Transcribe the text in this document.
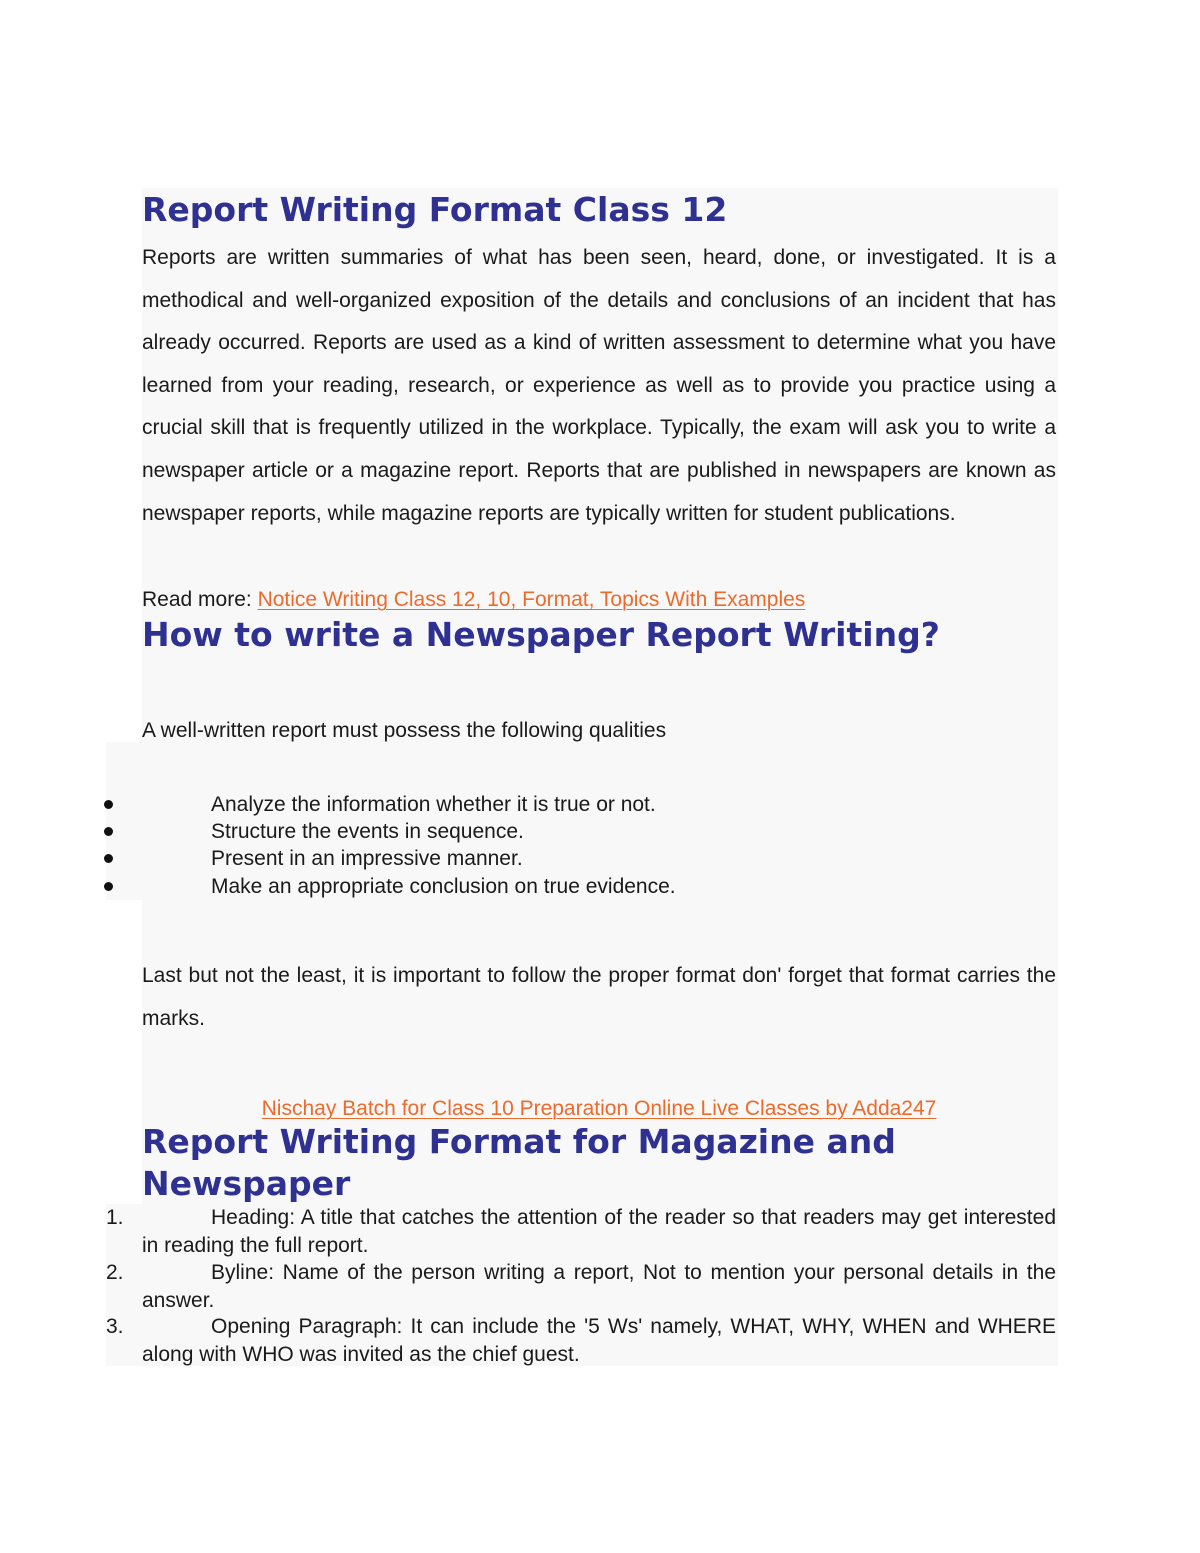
Report Writing Format Class 12

Reports are written summaries of what has been seen, heard, done, or investigated. It is a methodical and well-organized exposition of the details and conclusions of an incident that has already occurred. Reports are used as a kind of written assessment to determine what you have learned from your reading, research, or experience as well as to provide you practice using a crucial skill that is frequently utilized in the workplace. Typically, the exam will ask you to write a newspaper article or a magazine report. Reports that are published in newspapers are known as newspaper reports, while magazine reports are typically written for student publications.

Read more: Notice Writing Class 12, 10, Format, Topics With Examples

How to write a Newspaper Report Writing?

A well-written report must possess the following qualities

Analyze the information whether it is true or not.
Structure the events in sequence.
Present in an impressive manner.
Make an appropriate conclusion on true evidence.

Last but not the least, it is important to follow the proper format don' forget that format carries the marks.

Nischay Batch for Class 10 Preparation Online Live Classes by Adda247

Report Writing Format for Magazine and
Newspaper
1.	Heading: A title that catches the attention of the reader so that readers may get interested in reading the full report.

2.	Byline: Name of the person writing a report, Not to mention your personal details in the answer.

3.	Opening Paragraph: It can include the '5 Ws' namely, WHAT, WHY, WHEN and WHERE along with WHO was invited as the chief guest.
